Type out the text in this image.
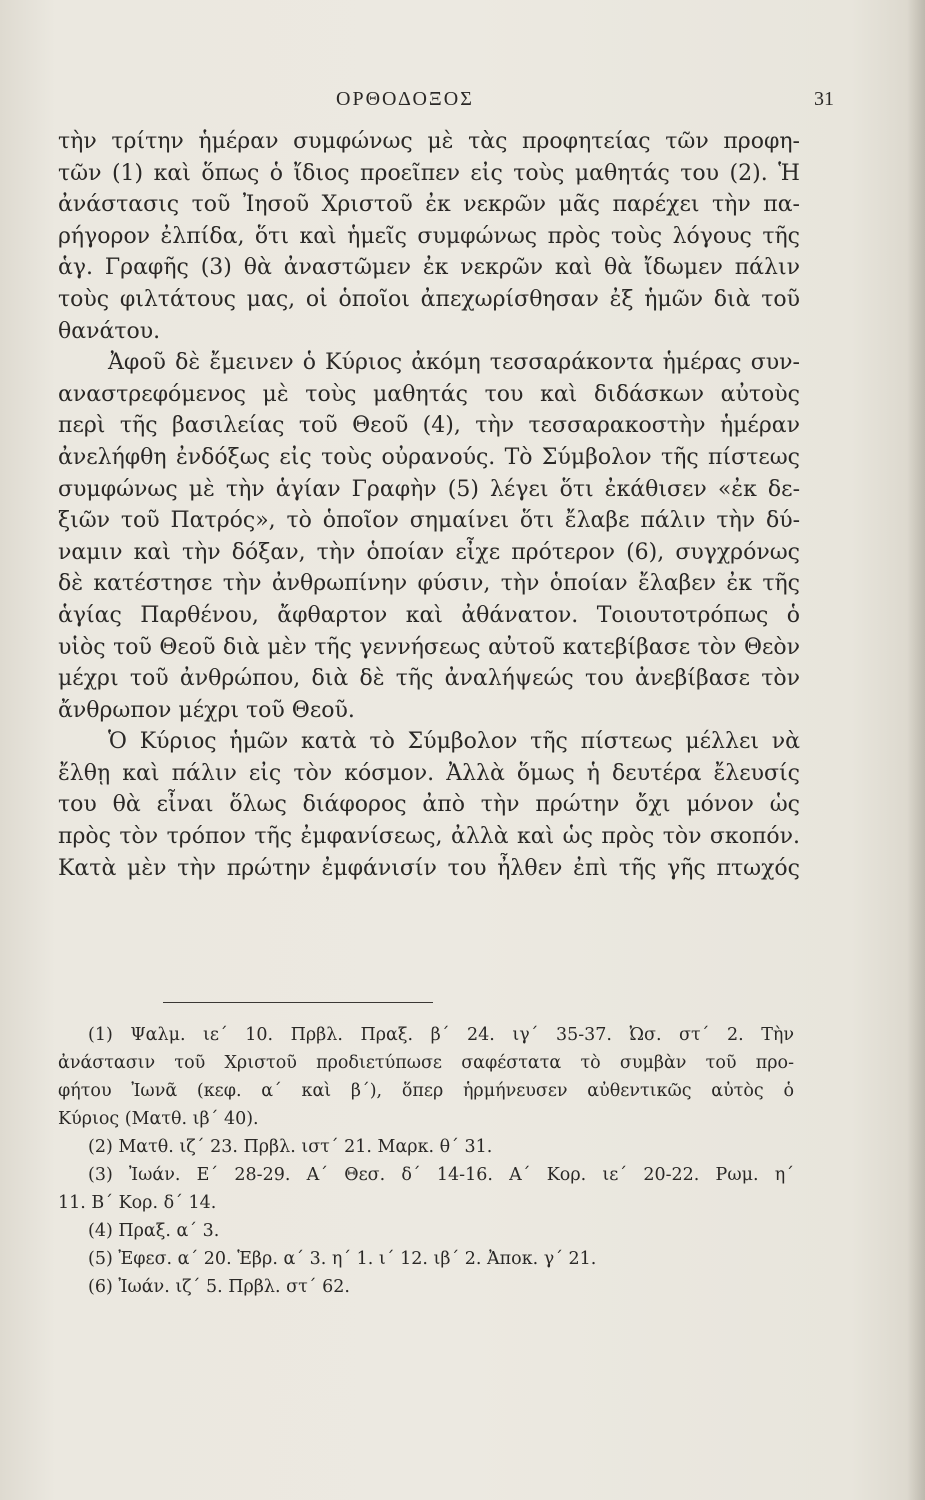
ΟΡΘΟΔΟΞΟΣ	31
τὴν τρίτην ἡμέραν συμφώνως μὲ τὰς προφητείας τῶν προφη-
τῶν (1) καὶ ὅπως ὁ ἴδιος προεῖπεν εἰς τοὺς μαθητάς του (2). Ἡ
ἀνάστασις τοῦ Ἰησοῦ Χριστοῦ ἐκ νεκρῶν μᾶς παρέχει τὴν πα-
ρήγορον ἐλπίδα, ὅτι καὶ ἡμεῖς συμφώνως πρὸς τοὺς λόγους τῆς
ἁγ. Γραφῆς (3) θὰ ἀναστῶμεν ἐκ νεκρῶν καὶ θὰ ἴδωμεν πάλιν
τοὺς φιλτάτους μας, οἱ ὁποῖοι ἀπεχωρίσθησαν ἐξ ἡμῶν διὰ τοῦ
θανάτου.
Ἀφοῦ δὲ ἔμεινεν ὁ Κύριος ἀκόμη τεσσαράκοντα ἡμέρας συν-
αναστρεφόμενος μὲ τοὺς μαθητάς του καὶ διδάσκων αὐτοὺς
περὶ τῆς βασιλείας τοῦ Θεοῦ (4), τὴν τεσσαρακοστὴν ἡμέραν
ἀνελήφθη ἐνδόξως εἰς τοὺς οὐρανούς. Τὸ Σύμβολον τῆς πίστεως
συμφώνως μὲ τὴν ἁγίαν Γραφὴν (5) λέγει ὅτι ἐκάθισεν «ἐκ δε-
ξιῶν τοῦ Πατρός», τὸ ὁποῖον σημαίνει ὅτι ἔλαβε πάλιν τὴν δύ-
ναμιν καὶ τὴν δόξαν, τὴν ὁποίαν εἶχε πρότερον (6), συγχρόνως
δὲ κατέστησε τὴν ἀνθρωπίνην φύσιν, τὴν ὁποίαν ἔλαβεν ἐκ τῆς
ἁγίας Παρθένου, ἄφθαρτον καὶ ἀθάνατον. Τοιουτοτρόπως ὁ
υἱὸς τοῦ Θεοῦ διὰ μὲν τῆς γεννήσεως αὐτοῦ κατεβίβασε τὸν Θεὸν
μέχρι τοῦ ἀνθρώπου, διὰ δὲ τῆς ἀναλήψεώς του ἀνεβίβασε τὸν
ἄνθρωπον μέχρι τοῦ Θεοῦ.
Ὁ Κύριος ἡμῶν κατὰ τὸ Σύμβολον τῆς πίστεως μέλλει νὰ
ἔλθῃ καὶ πάλιν εἰς τὸν κόσμον. Ἀλλὰ ὅμως ἡ δευτέρα ἔλευσίς
του θὰ εἶναι ὅλως διάφορος ἀπὸ τὴν πρώτην ὄχι μόνον ὡς
πρὸς τὸν τρόπον τῆς ἐμφανίσεως, ἀλλὰ καὶ ὡς πρὸς τὸν σκοπόν.
Κατὰ μὲν τὴν πρώτην ἐμφάνισίν του ἦλθεν ἐπὶ τῆς γῆς πτωχός
(1) Ψαλμ. ιε΄ 10. Πρβλ. Πραξ. β΄ 24. ιγ΄ 35-37. Ὠσ. στ΄ 2. Τὴν
ἀνάστασιν τοῦ Χριστοῦ προδιετύπωσε σαφέστατα τὸ συμβὰν τοῦ προ-
φήτου Ἰωνᾶ (κεφ. α΄ καὶ β΄), ὅπερ ἡρμήνευσεν αὐθεντικῶς αὐτὸς ὁ
Κύριος (Ματθ. ιβ΄ 40).
(2) Ματθ. ιζ΄ 23. Πρβλ. ιστ΄ 21. Μαρκ. θ΄ 31.
(3) Ἰωάν. Ε΄ 28-29. Α΄ Θεσ. δ΄ 14-16. Α΄ Κορ. ιε΄ 20-22. Ρωμ. η΄
11. Β΄ Κορ. δ΄ 14.
(4) Πραξ. α΄ 3.
(5) Ἐφεσ. α΄ 20. Ἑβρ. α΄ 3. η΄ 1. ι΄ 12. ιβ΄ 2. Ἀποκ. γ΄ 21.
(6) Ἰωάν. ιζ΄ 5. Πρβλ. στ΄ 62.
